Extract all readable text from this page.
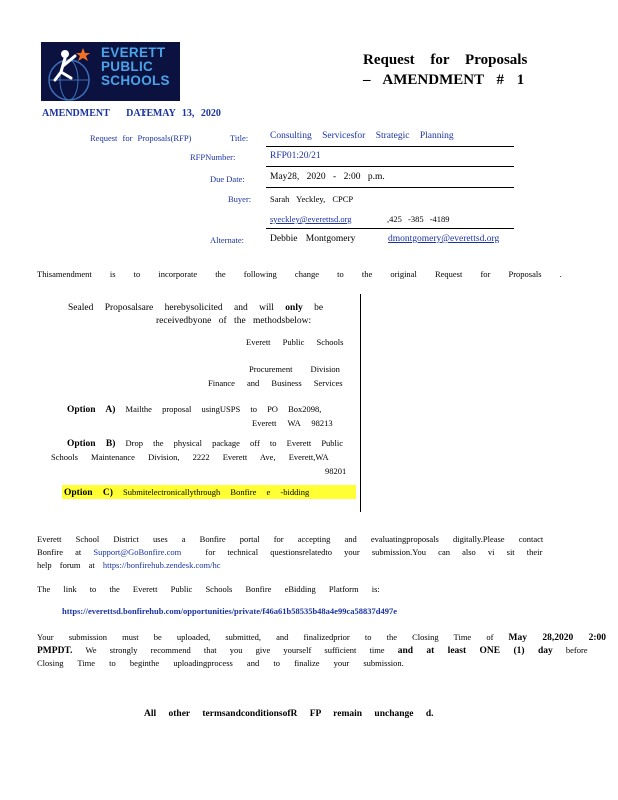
EVERETT
PUBLIC
SCHOOLS
Request for Proposals
– AMENDMENT # 1
AMENDMENT DATE
: MAY 13, 2020
Request for Proposals(RFP)	Title: Consulting Servicesfor Strategic Planning
RFPNumber:	RFP01:20/21
Due Date:	May28, 2020 - 2:00 p.m.
Buyer: Sarah Yeckley, CPCP
syeckley@everettsd.org	,425 -385 -4189
Alternate:	Debbie Montgomery	dmontgomery@everettsd.org
Thisamendment is to incorporate the following change to the original Request for Proposals .
Sealed Proposalsare herebysolicited and will only be
receivedbyone of the methodsbelow:
Everett Public Schools
Procurement Division
Finance and Business Services
Option A) Mailthe proposal usingUSPS to PO Box2098,
Everett WA 98213
Option B) Drop the physical package off to Everett Public
Schools Maintenance Division, 2222 Everett Ave, Everett,WA
98201
Option C) Submitelectronicallythrough Bonfire e -bidding
Everett School District uses a Bonfire portal for accepting and evaluatingproposals digitally.Please contact
Bonfire at Support@GoBonfire.com	for technical questionsrelatedto your submission.You can also vi sit their
help forum at https://bonfirehub.zendesk.com/hc
The link to the Everett Public Schools Bonfire eBidding Platform is:
https://everettsd.bonfirehub.com/opportunities/private/f46a61b58535b48a4e99ca58837d497e
Your submission must be uploaded, submitted, and finalizedprior to the Closing Time of May 28,2020 2:00
PMPDT. We strongly recommend that you give yourself sufficient time and at least ONE (1) day before
Closing Time to beginthe uploadingprocess and to finalize your submission.
All other termsandconditionsofR FP remain unchange d.
